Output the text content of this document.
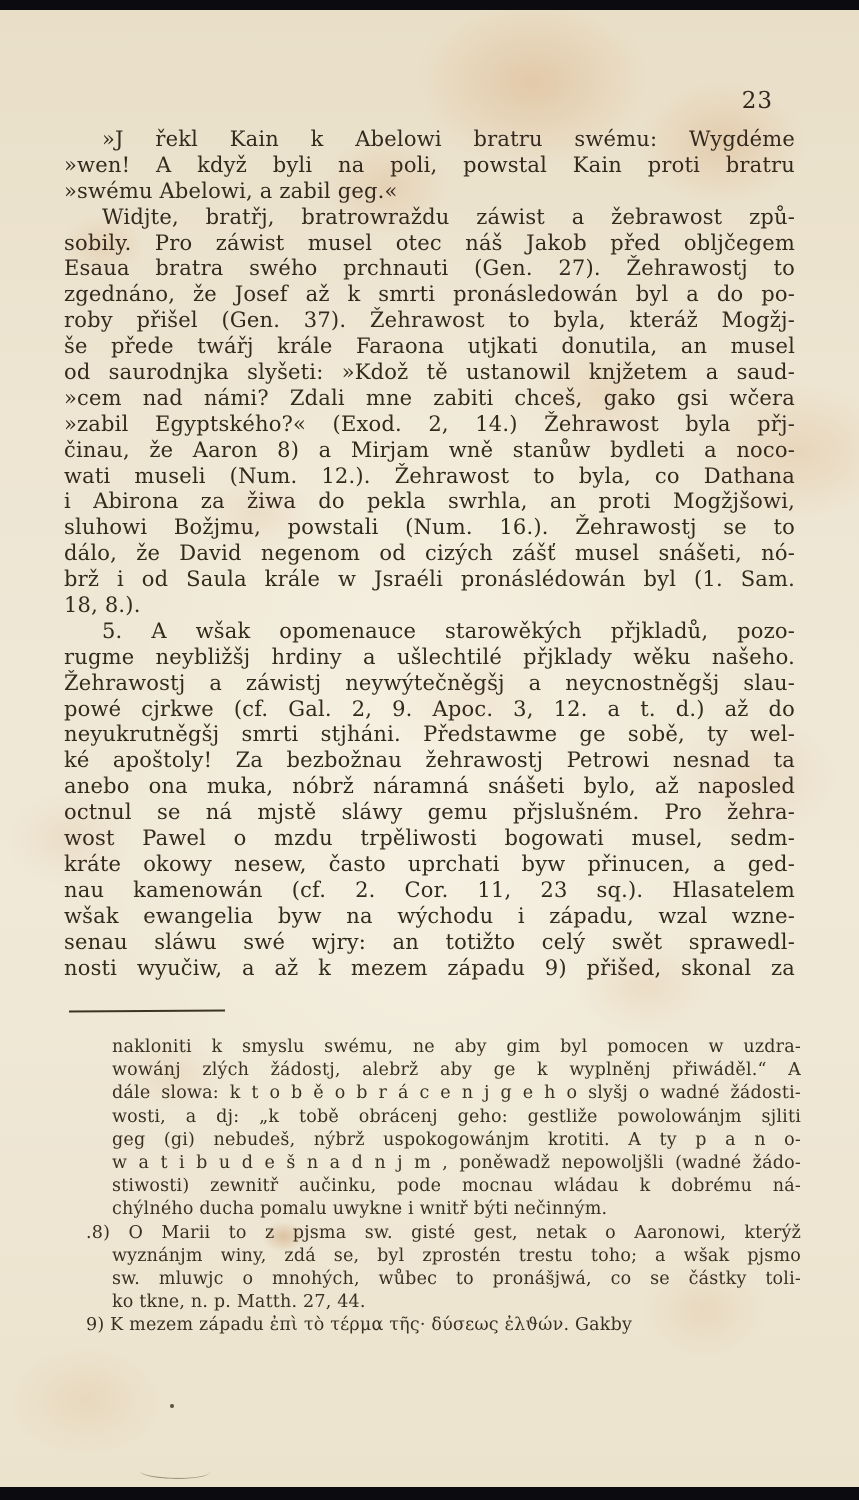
23
»J řekl Kain k Abelowi bratru swému: Wygdéme
»wen! A když byli na poli, powstal Kain proti bratru
»swému Abelowi, a zabil geg.«
Widjte, bratřj, bratrowraždu záwist a žebrawost způ-
sobily. Pro záwist musel otec náš Jakob před obljčegem
Esaua bratra swého prchnauti (Gen. 27). Žehrawostj to
zgednáno, že Josef až k smrti pronásledowán byl a do po-
roby přišel (Gen. 37). Žehrawost to byla, kteráž Mogžj-
še přede twářj krále Faraona utjkati donutila, an musel
od saurodnjka slyšeti: »Kdož tě ustanowil knjžetem a saud-
»cem nad námi? Zdali mne zabiti chceš, gako gsi wčera
»zabil Egyptského?« (Exod. 2, 14.) Žehrawost byla přj-
činau, že Aaron 8) a Mirjam wně stanůw bydleti a noco-
wati museli (Num. 12.). Žehrawost to byla, co Dathana
i Abirona za žiwa do pekla swrhla, an proti Mogžjšowi,
sluhowi Božjmu, powstali (Num. 16.). Žehrawostj se to
dálo, že David negenom od cizých zášť musel snášeti, nó-
brž i od Saula krále w Jsraéli pronáslédowán byl (1. Sam.
18, 8.).
5. A wšak opomenauce starowěkých přjkladů, pozo-
rugme neybližšj hrdiny a ušlechtilé přjklady wěku našeho.
Žehrawostj a záwistj neywýtečněgšj a neycnostněgšj slau-
powé cjrkwe (cf. Gal. 2, 9. Apoc. 3, 12. a t. d.) až do
neyukrutněgšj smrti stjháni. Předstawme ge sobě, ty wel-
ké apoštoly! Za bezbožnau žehrawostj Petrowi nesnad ta
anebo ona muka, nóbrž náramná snášeti bylo, až naposled
octnul se ná mjstě sláwy gemu přjslušném. Pro žehra-
wost Pawel o mzdu trpěliwosti bogowati musel, sedm-
kráte okowy nesew, často uprchati byw přinucen, a ged-
nau kamenowán (cf. 2. Cor. 11, 23 sq.). Hlasatelem
wšak ewangelia byw na wýchodu i západu, wzal wzne-
senau sláwu swé wjry: an totižto celý swět sprawedl-
nosti wyučiw, a až k mezem západu 9) přišed, skonal za
nakloniti k smyslu swému, ne aby gim byl pomocen w uzdra-
wowánj zlých žádostj, alebrž aby ge k wyplněnj přiwáděl.“ A
dále slowa: k t o b ě o b r á c e n j g e h o slyšj o wadné žádosti-
wosti, a dj: „k tobě obrácenj geho: gestliže powolowánjm sjliti
geg (gi) nebudeš, nýbrž uspokogowánjm krotiti. A ty p a n o-
w a t i b u d e š n a d n j m , poněwadž nepowoljšli (wadné žádo-
stiwosti) zewnitř aučinku, pode mocnau wládau k dobrému ná-
chýlného ducha pomalu uwykne i wnitř býti nečinným.
.8) O Marii to z pjsma sw. gisté gest, netak o Aaronowi, kterýž
wyznánjm winy, zdá se, byl zprostén trestu toho; a wšak pjsmo
sw. mluwjc o mnohých, wůbec to pronášjwá, co se částky toli-
ko tkne, n. p. Matth. 27, 44.
9) K mezem západu ἐπὶ τὸ τέρμα τῆς· δύσεως ἐλϑών. Gakby
